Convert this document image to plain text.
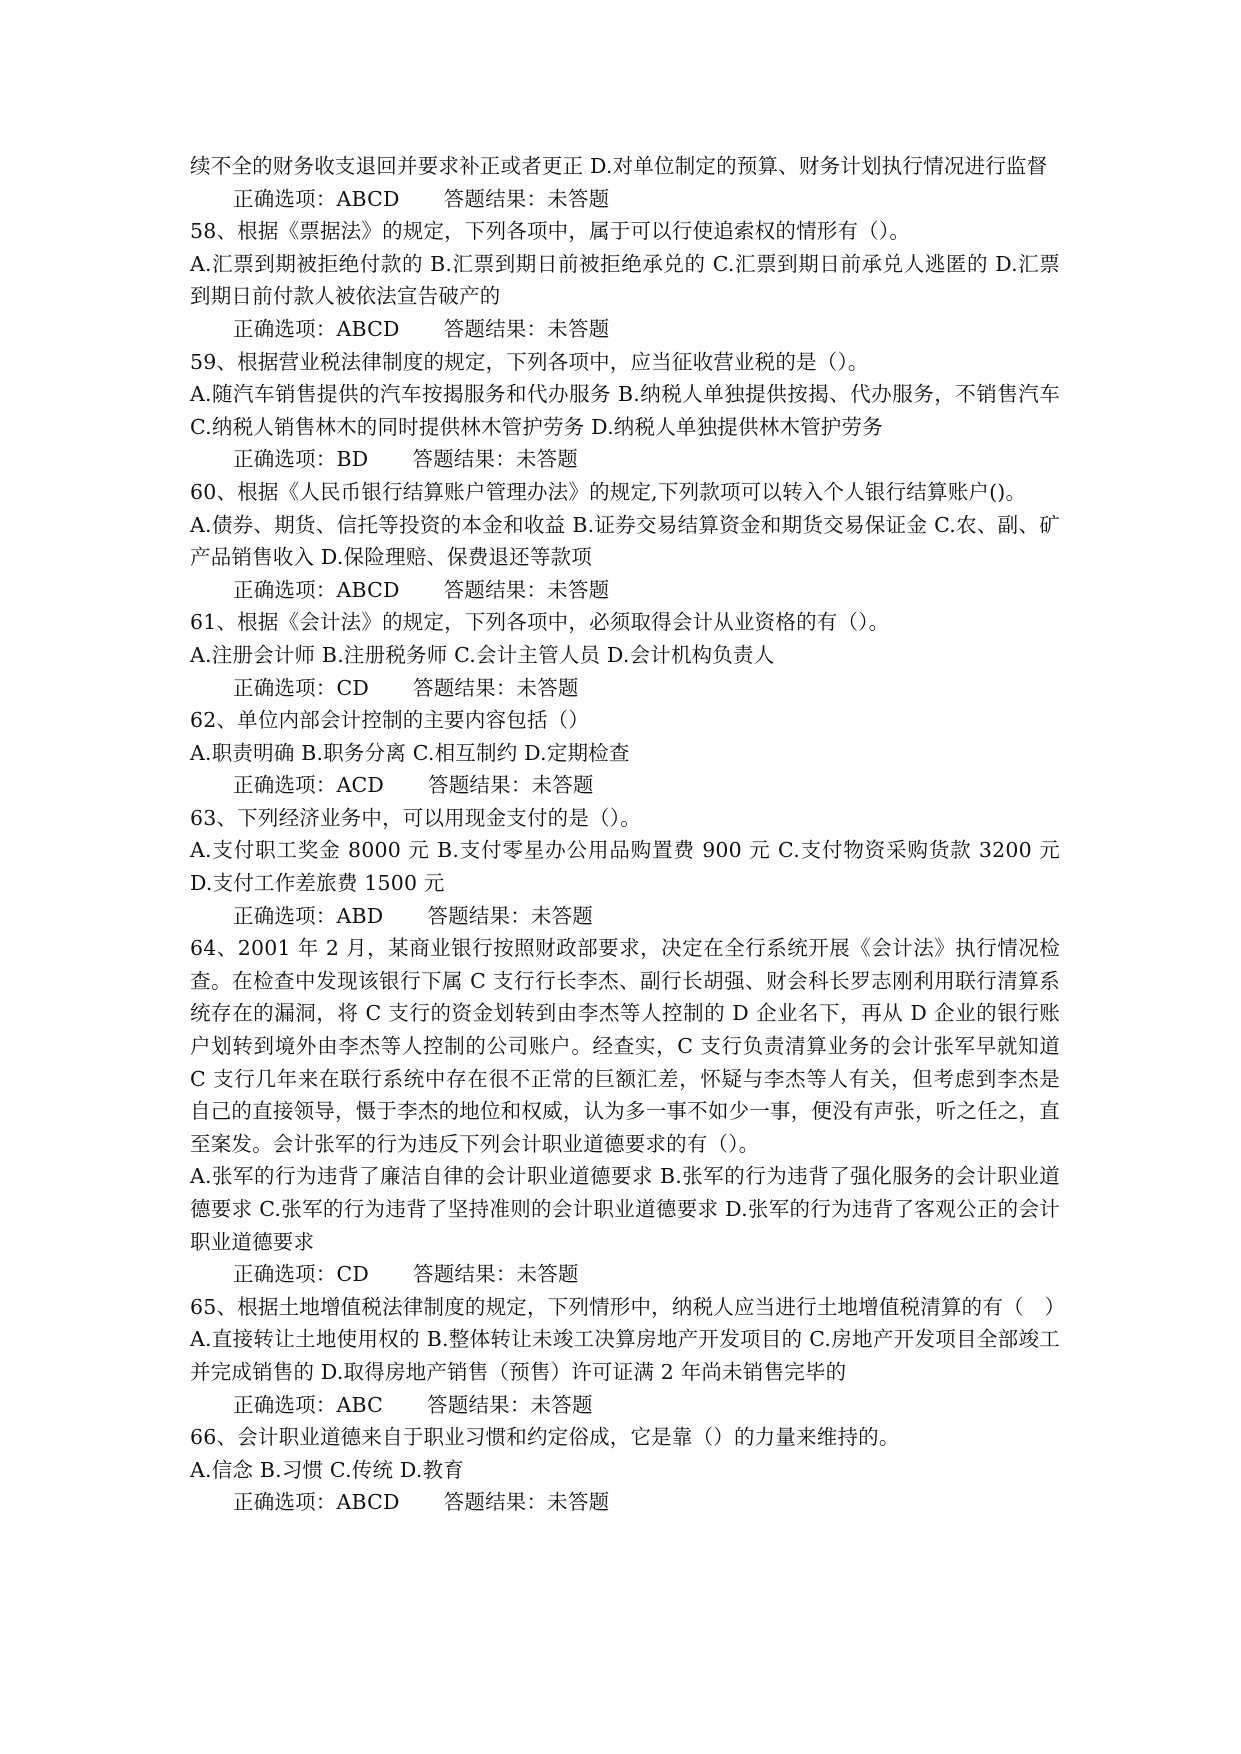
续不全的财务收支退回并要求补正或者更正 D.对单位制定的预算、财务计划执行情况进行监督

正确选项：ABCD 答题结果：未答题

58、根据《票据法》的规定，下列各项中，属于可以行使追索权的情形有（）。

A.汇票到期被拒绝付款的 B.汇票到期日前被拒绝承兑的 C.汇票到期日前承兑人逃匿的 D.汇票到期日前付款人被依法宣告破产的

正确选项：ABCD 答题结果：未答题

59、根据营业税法律制度的规定，下列各项中，应当征收营业税的是（）。

A.随汽车销售提供的汽车按揭服务和代办服务 B.纳税人单独提供按揭、代办服务，不销售汽车 C.纳税人销售林木的同时提供林木管护劳务 D.纳税人单独提供林木管护劳务

正确选项：BD 答题结果：未答题

60、根据《人民币银行结算账户管理办法》的规定,下列款项可以转入个人银行结算账户()。

A.债券、期货、信托等投资的本金和收益 B.证券交易结算资金和期货交易保证金 C.农、副、矿产品销售收入 D.保险理赔、保费退还等款项

正确选项：ABCD 答题结果：未答题

61、根据《会计法》的规定，下列各项中，必须取得会计从业资格的有（）。

A.注册会计师 B.注册税务师 C.会计主管人员 D.会计机构负责人

正确选项：CD 答题结果：未答题

62、单位内部会计控制的主要内容包括（）

A.职责明确 B.职务分离 C.相互制约 D.定期检查

正确选项：ACD 答题结果：未答题

63、下列经济业务中，可以用现金支付的是（）。

A.支付职工奖金 8000 元 B.支付零星办公用品购置费 900 元 C.支付物资采购货款 3200 元 D.支付工作差旅费 1500 元

正确选项：ABD 答题结果：未答题

64、2001 年 2 月，某商业银行按照财政部要求，决定在全行系统开展《会计法》执行情况检查。在检查中发现该银行下属 C 支行行长李杰、副行长胡强、财会科长罗志刚利用联行清算系统存在的漏洞，将 C 支行的资金划转到由李杰等人控制的 D 企业名下，再从 D 企业的银行账户划转到境外由李杰等人控制的公司账户。经查实，C 支行负责清算业务的会计张军早就知道 C 支行几年来在联行系统中存在很不正常的巨额汇差，怀疑与李杰等人有关，但考虑到李杰是自己的直接领导，慑于李杰的地位和权威，认为多一事不如少一事，便没有声张，听之任之，直至案发。会计张军的行为违反下列会计职业道德要求的有（）。

A.张军的行为违背了廉洁自律的会计职业道德要求 B.张军的行为违背了强化服务的会计职业道德要求 C.张军的行为违背了坚持准则的会计职业道德要求 D.张军的行为违背了客观公正的会计职业道德要求

正确选项：CD 答题结果：未答题

65、根据土地增值税法律制度的规定，下列情形中，纳税人应当进行土地增值税清算的有（　）

A.直接转让土地使用权的 B.整体转让未竣工决算房地产开发项目的 C.房地产开发项目全部竣工并完成销售的 D.取得房地产销售（预售）许可证满 2 年尚未销售完毕的

正确选项：ABC 答题结果：未答题

66、会计职业道德来自于职业习惯和约定俗成，它是靠（）的力量来维持的。

A.信念 B.习惯 C.传统 D.教育

正确选项：ABCD 答题结果：未答题
